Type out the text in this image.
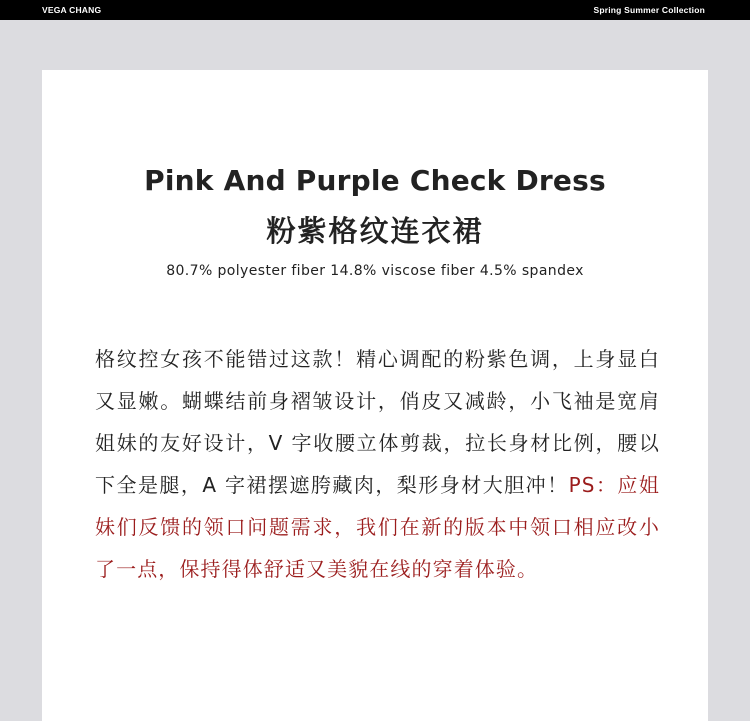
VEGA CHANG	Spring Summer Collection
Pink And Purple Check Dress
粉紫格纹连衣裙
80.7% polyester fiber 14.8% viscose fiber 4.5% spandex
格纹控女孩不能错过这款！精心调配的粉紫色调，上身显白又显嫩。蝴蝶结前身褶皱设计，俏皮又减龄，小飞袖是宽肩姐妹的友好设计，V 字收腰立体剪裁，拉长身材比例，腰以下全是腿，A 字裙摆遮胯藏肉，梨形身材大胆冲！PS：应姐妹们反馈的领口问题需求，我们在新的版本中领口相应改小了一点，保持得体舒适又美貌在线的穿着体验。
